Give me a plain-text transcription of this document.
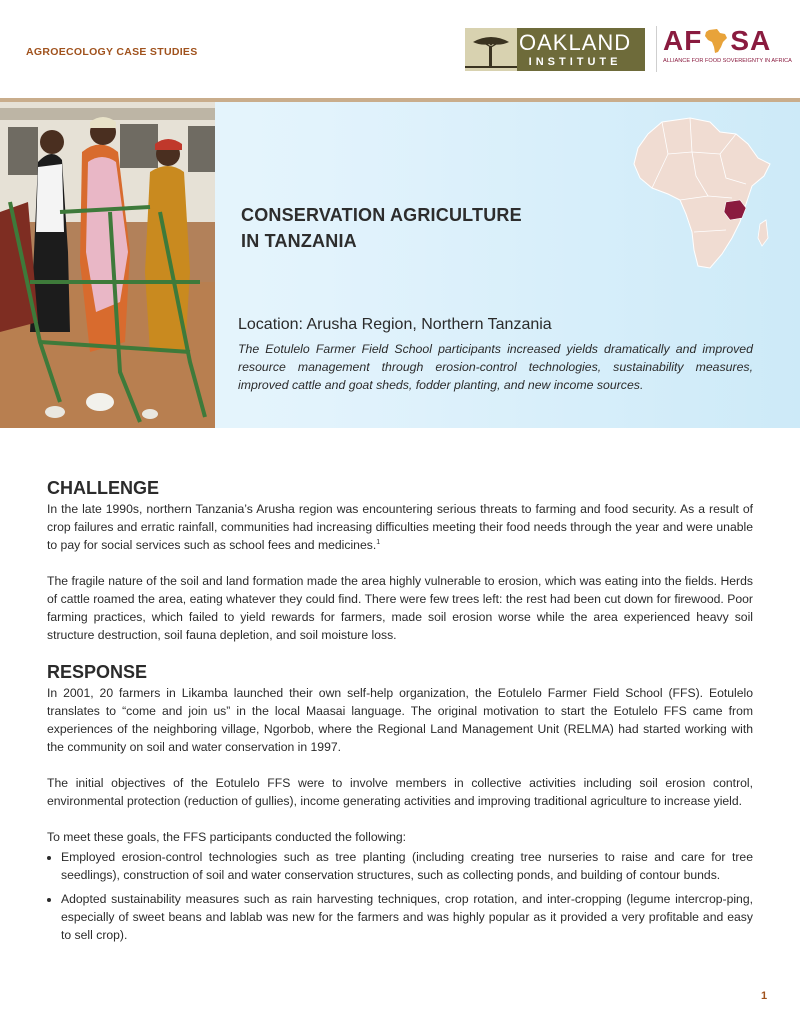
AGROECOLOGY CASE STUDIES	OAKLAND
INSTITUTE
AF SA
ALLIANCE FOR FOOD SOVEREIGNTY IN AFRICA
CONSERVATION AGRICULTURE
IN TANZANIA
Location: Arusha Region, Northern Tanzania
The Eotulelo Farmer Field School participants increased yields dramatically and improved resource management through erosion-control technologies, sustainability measures, improved cattle and goat sheds, fodder planting, and new income sources.
CHALLENGE

In the late 1990s, northern Tanzania’s Arusha region was encountering serious threats to farming and food security. As a result of crop failures and erratic rainfall, communities had increasing difficulties meeting their food needs through the year and were unable to pay for social services such as school fees and medicines.$^1$

The fragile nature of the soil and land formation made the area highly vulnerable to erosion, which was eating into the fields. Herds of cattle roamed the area, eating whatever they could find. There were few trees left: the rest had been cut down for firewood. Poor farming practices, which failed to yield rewards for farmers, made soil erosion worse while the area experienced heavy soil structure destruction, soil fauna depletion, and soil moisture loss.

RESPONSE

In 2001, 20 farmers in Likamba launched their own self-help organization, the Eotulelo Farmer Field School (FFS). Eotulelo translates to “come and join us” in the local Maasai language. The original motivation to start the Eotulelo FFS came from experiences of the neighboring village, Ngorbob, where the Regional Land Management Unit (RELMA) had started working with the community on soil and water conservation in 1997.

The initial objectives of the Eotulelo FFS were to involve members in collective activities including soil erosion control, environmental protection (reduction of gullies), income generating activities and improving traditional agriculture to increase yield.

To meet these goals, the FFS participants conducted the following:

• Employed erosion-control technologies such as tree planting (including creating tree nurseries to raise and care for tree seedlings), construction of soil and water conservation structures, such as collecting ponds, and building of contour bunds.
• Adopted sustainability measures such as rain harvesting techniques, crop rotation, and inter-cropping (legume intercrop-ping, especially of sweet beans and lablab was new for the farmers and was highly popular as it provided a very profitable and easy to sell crop).
1
